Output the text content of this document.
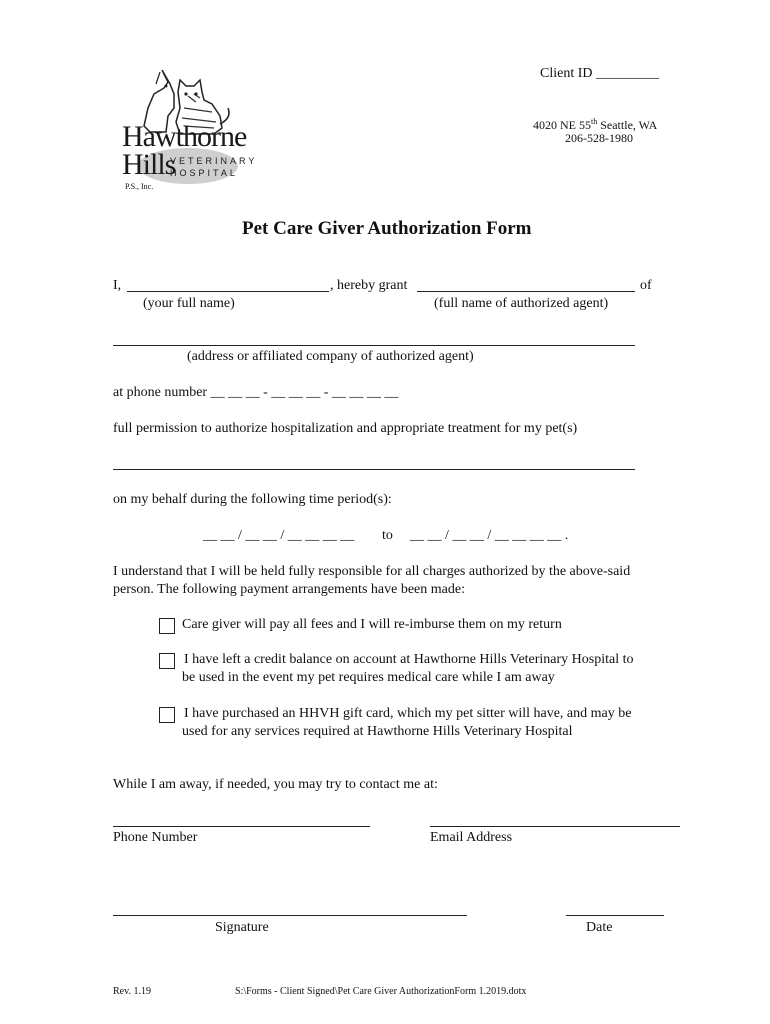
Hawthorne
Hills
VETERINARY
HOSPITAL
P.S., Inc.
Client ID _________
4020 NE 55th Seattle, WA
206-528-1980
Pet Care Giver Authorization Form
I,	, hereby grant	of
(your full name)	(full name of authorized agent)
(address or affiliated company of authorized agent)
at phone number __ __ __ - __ __ __ - __ __ __ __
full permission to authorize hospitalization and appropriate treatment for my pet(s)
on my behalf during the following time period(s):
__ __ / __ __ / __ __ __ __ to __ __ / __ __ / __ __ __ __ .
I understand that I will be held fully responsible for all charges authorized by the above-said
person. The following payment arrangements have been made:
Care giver will pay all fees and I will re-imburse them on my return
I have left a credit balance on account at Hawthorne Hills Veterinary Hospital to
be used in the event my pet requires medical care while I am away
I have purchased an HHVH gift card, which my pet sitter will have, and may be
used for any services required at Hawthorne Hills Veterinary Hospital
While I am away, if needed, you may try to contact me at:
Phone Number	Email Address
Signature	Date
Rev. 1.19	S:\Forms - Client Signed\Pet Care Giver AuthorizationForm 1.2019.dotx
